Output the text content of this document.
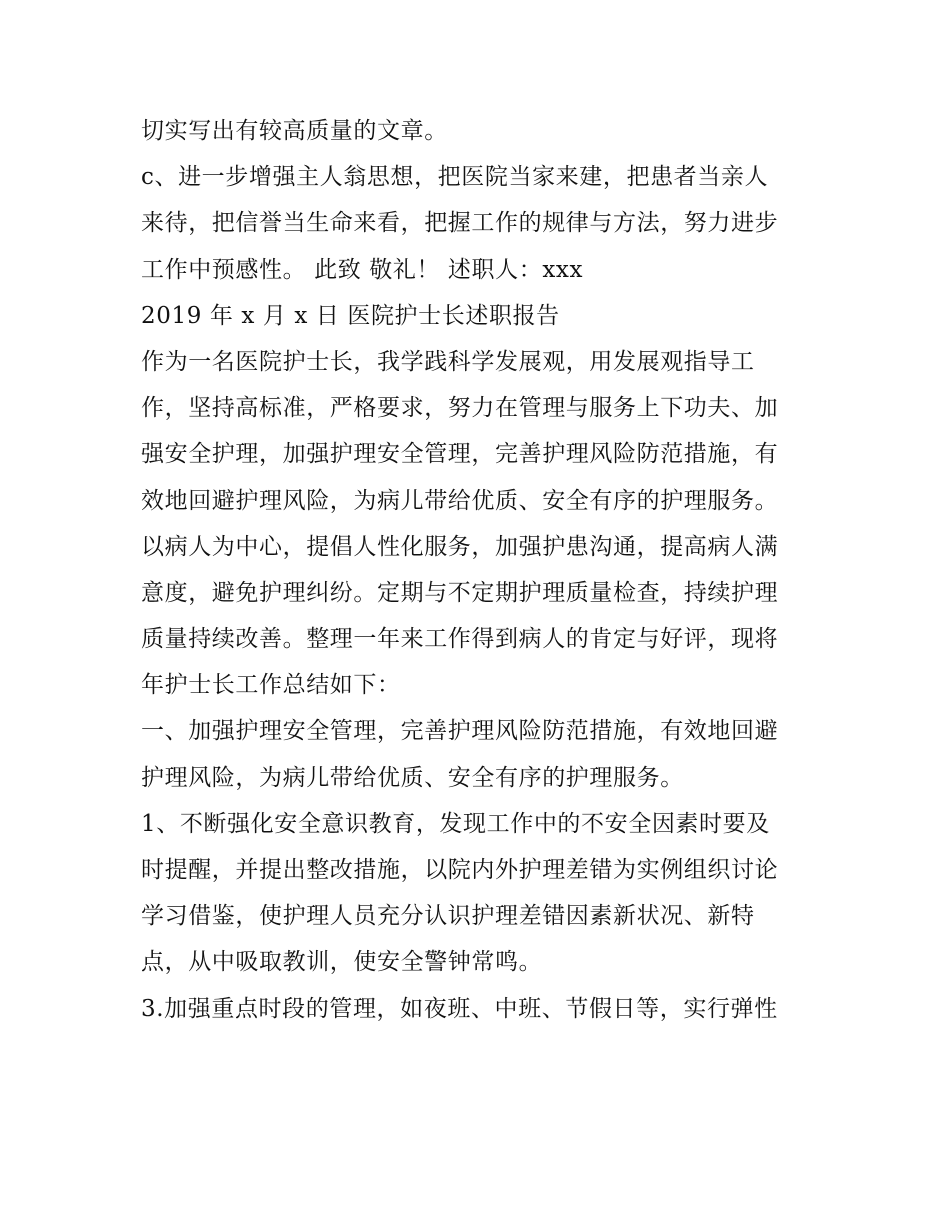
切实写出有较高质量的文章。
c、进一步增强主人翁思想，把医院当家来建，把患者当亲人
来待，把信誉当生命来看，把握工作的规律与方法，努力进步
工作中预感性。 此致 敬礼！ 述职人：xxx
2019 年 x 月 x 日 医院护士长述职报告
作为一名医院护士长，我学践科学发展观，用发展观指导工
作，坚持高标准，严格要求，努力在管理与服务上下功夫、加
强安全护理，加强护理安全管理，完善护理风险防范措施，有
效地回避护理风险，为病儿带给优质、安全有序的护理服务。
以病人为中心，提倡人性化服务，加强护患沟通，提高病人满
意度，避免护理纠纷。定期与不定期护理质量检查，持续护理
质量持续改善。整理一年来工作得到病人的肯定与好评，现将
年护士长工作总结如下：
一、加强护理安全管理，完善护理风险防范措施，有效地回避
护理风险，为病儿带给优质、安全有序的护理服务。
1、不断强化安全意识教育，发现工作中的不安全因素时要及
时提醒，并提出整改措施，以院内外护理差错为实例组织讨论
学习借鉴，使护理人员充分认识护理差错因素新状况、新特
点，从中吸取教训，使安全警钟常鸣。
3.加强重点时段的管理，如夜班、中班、节假日等，实行弹性
